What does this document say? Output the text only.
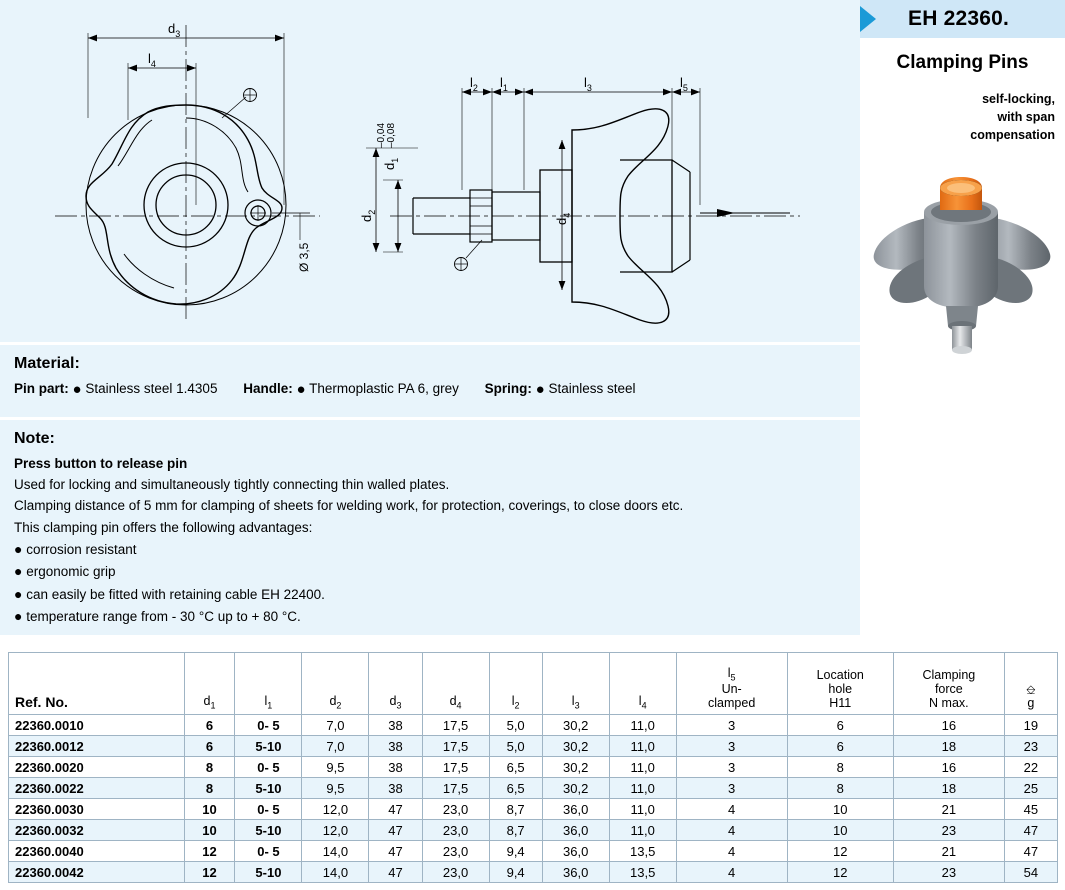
$d_3$
$l_4$
$l_2$ $l_1$	$l_3$	$l_5$
$d_2$
$d_1$
–0,04 –0,08
$d_4$
Ø 3,5
Material:
Pin part: ● Stainless steel 1.4305 Handle: ● Thermoplastic PA 6, grey Spring: ● Stainless steel
Note:
Press button to release pin
Used for locking and simultaneously tightly connecting thin walled plates.
Clamping distance of 5 mm for clamping of sheets for welding work, for protection, coverings, to close doors etc.
This clamping pin offers the following advantages:
● corrosion resistant
● ergonomic grip
● can easily be fitted with retaining cable EH 22400.
● temperature range from - 30 °C up to + 80 °C.
EH 22360.
Clamping Pins
self-locking,
with span
compensation
Ref. No.	$d_1$	$l_1$	$d_2$	$d_3$	$d_4$	$l_2$	$l_3$	$l_4$	
$l_5$
Un-
clamped

Location
hole
H11

Clamping
force
N max.

⎒
g

22360.0010	6	0- 5	7,0	38	17,5	5,0	30,2	11,0	3	6	16	19
22360.0012	6	5-10	7,0	38	17,5	5,0	30,2	11,0	3	6	18	23
22360.0020	8	0- 5	9,5	38	17,5	6,5	30,2	11,0	3	8	16	22
22360.0022	8	5-10	9,5	38	17,5	6,5	30,2	11,0	3	8	18	25
22360.0030	10	0- 5	12,0	47	23,0	8,7	36,0	11,0	4	10	21	45
22360.0032	10	5-10	12,0	47	23,0	8,7	36,0	11,0	4	10	23	47
22360.0040	12	0- 5	14,0	47	23,0	9,4	36,0	13,5	4	12	21	47
22360.0042	12	5-10	14,0	47	23,0	9,4	36,0	13,5	4	12	23	54
